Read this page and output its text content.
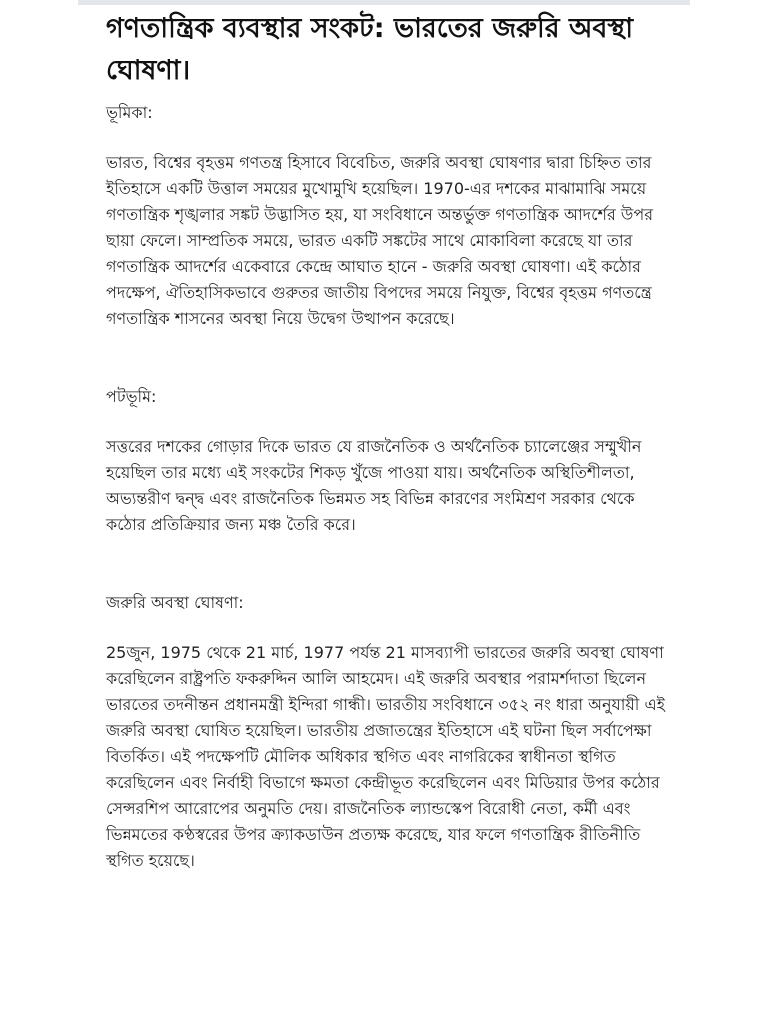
গণতান্ত্রিক ব্যবস্থার সংকট: ভারতের জরুরি অবস্থা ঘোষণা।

ভূমিকা:

ভারত, বিশ্বের বৃহত্তম গণতন্ত্র হিসাবে বিবেচিত, জরুরি অবস্থা ঘোষণার দ্বারা চিহ্নিত তার ইতিহাসে একটি উত্তাল সময়ের মুখোমুখি হয়েছিল। 1970-এর দশকের মাঝামাঝি সময়ে গণতান্ত্রিক শৃঙ্খলার সঙ্কট উদ্ভাসিত হয়, যা সংবিধানে অন্তর্ভুক্ত গণতান্ত্রিক আদর্শের উপর ছায়া ফেলে। সাম্প্রতিক সময়ে, ভারত একটি সঙ্কটের সাথে মোকাবিলা করেছে যা তার গণতান্ত্রিক আদর্শের একেবারে কেন্দ্রে আঘাত হানে - জরুরি অবস্থা ঘোষণা। এই কঠোর পদক্ষেপ, ঐতিহাসিকভাবে গুরুতর জাতীয় বিপদের সময়ে নিযুক্ত, বিশ্বের বৃহত্তম গণতন্ত্রে গণতান্ত্রিক শাসনের অবস্থা নিয়ে উদ্বেগ উত্থাপন করেছে।

পটভূমি:

সত্তরের দশকের গোড়ার দিকে ভারত যে রাজনৈতিক ও অর্থনৈতিক চ্যালেঞ্জের সম্মুখীন হয়েছিল তার মধ্যে এই সংকটের শিকড় খুঁজে পাওয়া যায়। অর্থনৈতিক অস্থিতিশীলতা, অভ্যন্তরীণ দ্বন্দ্ব এবং রাজনৈতিক ভিন্নমত সহ বিভিন্ন কারণের সংমিশ্রণ সরকার থেকে কঠোর প্রতিক্রিয়ার জন্য মঞ্চ তৈরি করে।

জরুরি অবস্থা ঘোষণা:

25জুন, 1975 থেকে 21 মার্চ, 1977 পর্যন্ত 21 মাসব্যাপী ভারতের জরুরি অবস্থা ঘোষণা করেছিলেন রাষ্ট্রপতি ফকরুদ্দিন আলি আহমেদ। এই জরুরি অবস্থার পরামর্শদাতা ছিলেন ভারতের তদনীন্তন প্রধানমন্ত্রী ইন্দিরা গান্ধী। ভারতীয় সংবিধানে ৩৫২ নং ধারা অনুযায়ী এই জরুরি অবস্থা ঘোষিত হয়েছিল। ভারতীয় প্রজাতন্ত্রের ইতিহাসে এই ঘটনা ছিল সর্বাপেক্ষা বিতর্কিত। এই পদক্ষেপটি মৌলিক অধিকার স্থগিত এবং নাগরিকের স্বাধীনতা স্থগিত করেছিলেন এবং নির্বাহী বিভাগে ক্ষমতা কেন্দ্রীভূত করেছিলেন এবং মিডিয়ার উপর কঠোর সেন্সরশিপ আরোপের অনুমতি দেয়। রাজনৈতিক ল্যান্ডস্কেপ বিরোধী নেতা, কর্মী এবং ভিন্নমতের কণ্ঠস্বরের উপর ক্র্যাকডাউন প্রত্যক্ষ করেছে, যার ফলে গণতান্ত্রিক রীতিনীতি স্থগিত হয়েছে।
